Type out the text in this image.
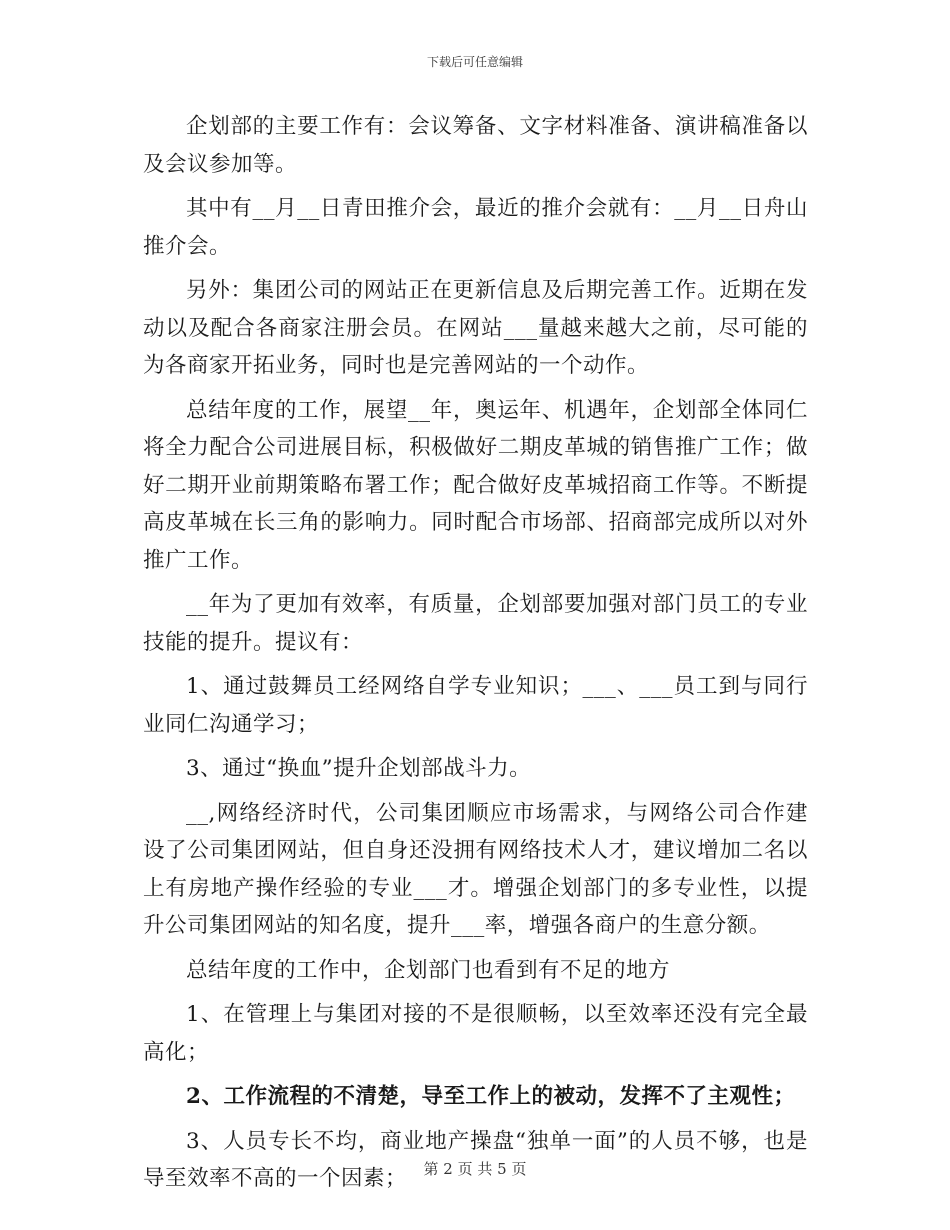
下载后可任意编辑

企划部的主要工作有：会议筹备、文字材料准备、演讲稿准备以及会议参加等。

其中有__月__日青田推介会，最近的推介会就有：__月__日舟山推介会。

另外：集团公司的网站正在更新信息及后期完善工作。近期在发动以及配合各商家注册会员。在网站___量越来越大之前，尽可能的为各商家开拓业务，同时也是完善网站的一个动作。

总结年度的工作，展望__年，奥运年、机遇年，企划部全体同仁将全力配合公司进展目标，积极做好二期皮革城的销售推广工作；做好二期开业前期策略布署工作；配合做好皮革城招商工作等。不断提高皮革城在长三角的影响力。同时配合市场部、招商部完成所以对外推广工作。

__年为了更加有效率，有质量，企划部要加强对部门员工的专业技能的提升。提议有：

1、通过鼓舞员工经网络自学专业知识；___、___员工到与同行业同仁沟通学习；

3、通过“换血”提升企划部战斗力。

__,网络经济时代，公司集团顺应市场需求，与网络公司合作建设了公司集团网站，但自身还没拥有网络技术人才，建议增加二名以上有房地产操作经验的专业___才。增强企划部门的多专业性，以提升公司集团网站的知名度，提升___率，增强各商户的生意分额。

总结年度的工作中，企划部门也看到有不足的地方

1、在管理上与集团对接的不是很顺畅，以至效率还没有完全最高化；

2、工作流程的不清楚，导至工作上的被动，发挥不了主观性；

3、人员专长不均，商业地产操盘“独单一面”的人员不够，也是导至效率不高的一个因素；	第 2 页 共 5 页
